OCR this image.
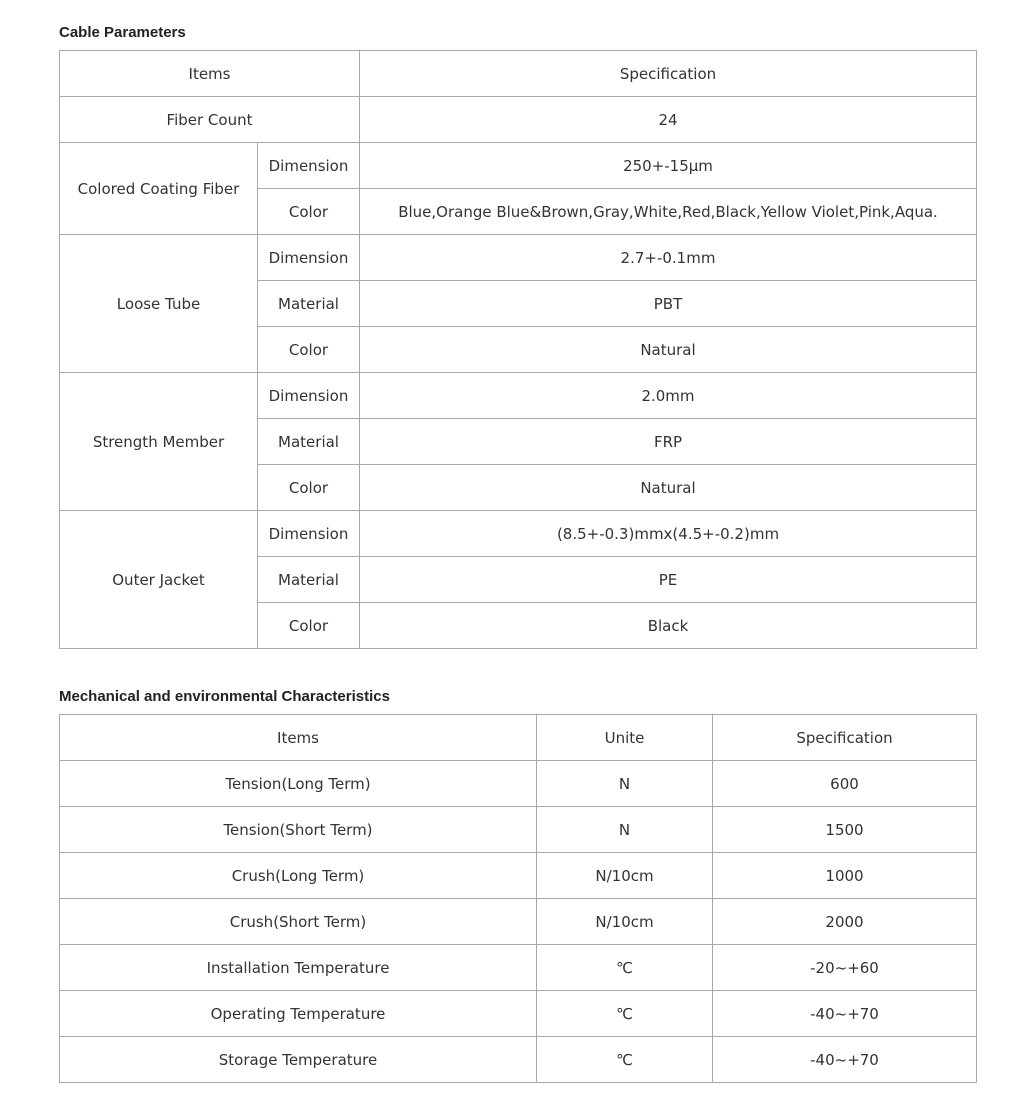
Cable Parameters
Items		Specification
Fiber Count		24
Colored Coating Fiber	Dimension	250+-15μm
	Color	Blue,Orange Blue&Brown,Gray,White,Red,Black,Yellow Violet,Pink,Aqua.
Loose Tube	Dimension	2.7+-0.1mm
	Material	PBT
	Color	Natural
Strength Member	Dimension	2.0mm
	Material	FRP
	Color	Natural
Outer Jacket	Dimension	(8.5+-0.3)mmx(4.5+-0.2)mm
	Material	PE
	Color	Black
Mechanical and environmental Characteristics
Items	Unite	Specification
Tension(Long Term)	N	600
Tension(Short Term)	N	1500
Crush(Long Term)	N/10cm	1000
Crush(Short Term)	N/10cm	2000
Installation Temperature	℃	-20~+60
Operating Temperature	℃	-40~+70
Storage Temperature	℃	-40~+70
